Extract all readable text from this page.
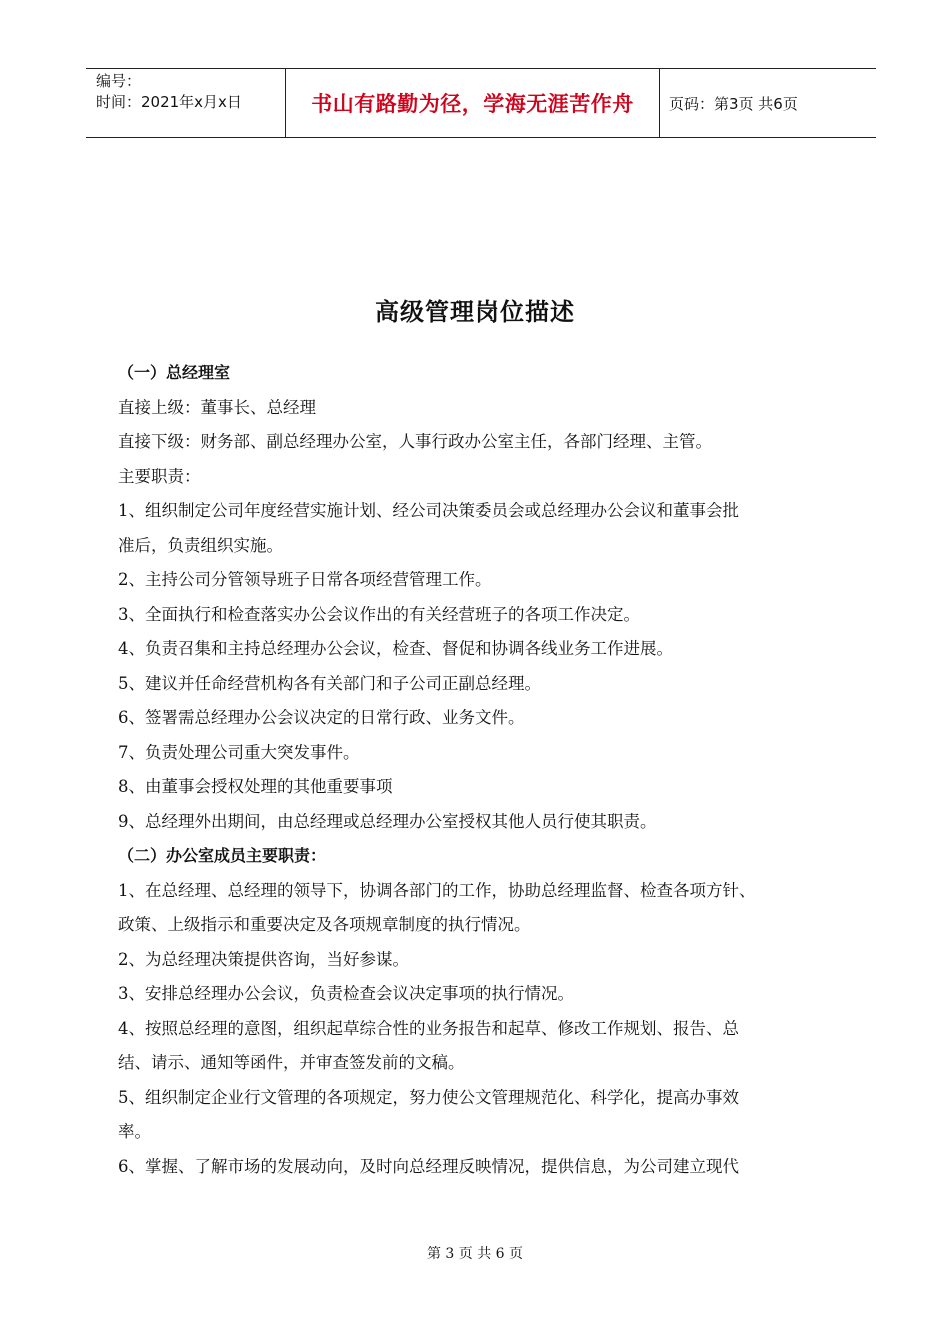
编号：
时间：2021年x月x日	书山有路勤为径，学海无涯苦作舟	页码：第3页 共6页
高级管理岗位描述

（一）总经理室

直接上级：董事长、总经理

直接下级：财务部、副总经理办公室，人事行政办公室主任，各部门经理、主管。

主要职责：

1、组织制定公司年度经营实施计划、经公司决策委员会或总经理办公会议和董事会批

准后，负责组织实施。

2、主持公司分管领导班子日常各项经营管理工作。

3、全面执行和检查落实办公会议作出的有关经营班子的各项工作决定。

4、负责召集和主持总经理办公会议，检查、督促和协调各线业务工作进展。

5、建议并任命经营机构各有关部门和子公司正副总经理。

6、签署需总经理办公会议决定的日常行政、业务文件。

7、负责处理公司重大突发事件。

8、由董事会授权处理的其他重要事项

9、总经理外出期间，由总经理或总经理办公室授权其他人员行使其职责。

（二）办公室成员主要职责：

1、在总经理、总经理的领导下，协调各部门的工作，协助总经理监督、检查各项方针、

政策、上级指示和重要决定及各项规章制度的执行情况。

2、为总经理决策提供咨询，当好参谋。

3、安排总经理办公会议，负责检查会议决定事项的执行情况。

4、按照总经理的意图，组织起草综合性的业务报告和起草、修改工作规划、报告、总

结、请示、通知等函件，并审查签发前的文稿。

5、组织制定企业行文管理的各项规定，努力使公文管理规范化、科学化，提高办事效

率。

6、掌握、了解市场的发展动向，及时向总经理反映情况，提供信息，为公司建立现代

第 3 页 共 6 页
